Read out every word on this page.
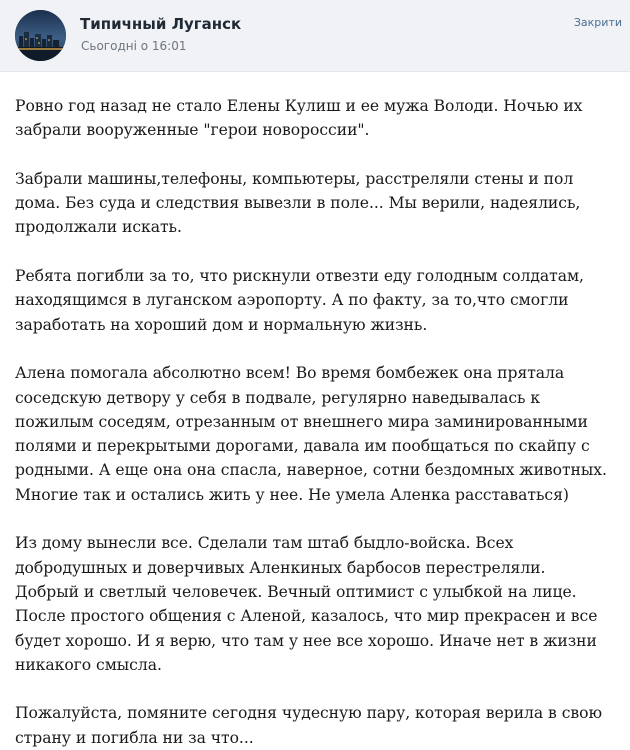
Типичный Луганск
Сьогодні о 16:01
Закрити

Ровно год назад не стало Елены Кулиш и ее мужа Володи. Ночью их забрали вооруженные "герои новороссии".

Забрали машины,телефоны, компьютеры, расстреляли стены и пол дома. Без суда и следствия вывезли в поле... Мы верили, надеялись, продолжали искать.

Ребята погибли за то, что рискнули отвезти еду голодным солдатам, находящимся в луганском аэропорту. А по факту, за то,что смогли заработать на хороший дом и нормальную жизнь.

Алена помогала абсолютно всем! Во время бомбежек она прятала соседскую детвору у себя в подвале, регулярно наведывалась к пожилым соседям, отрезанным от внешнего мира заминированными полями и перекрытыми дорогами, давала им пообщаться по скайпу с родными. А еще она она спасла, наверное, сотни бездомных животных. Многие так и остались жить у нее. Не умела Аленка расставаться)

Из дому вынесли все. Сделали там штаб быдло-войска. Всех добродушных и доверчивых Аленкиных барбосов перестреляли.
Добрый и светлый человечек. Вечный оптимист с улыбкой на лице. После простого общения с Аленой, казалось, что мир прекрасен и все будет хорошо. И я верю, что там у нее все хорошо. Иначе нет в жизни никакого смысла.

Пожалуйста, помяните сегодня чудесную пару, которая верила в свою страну и погибла ни за что...
